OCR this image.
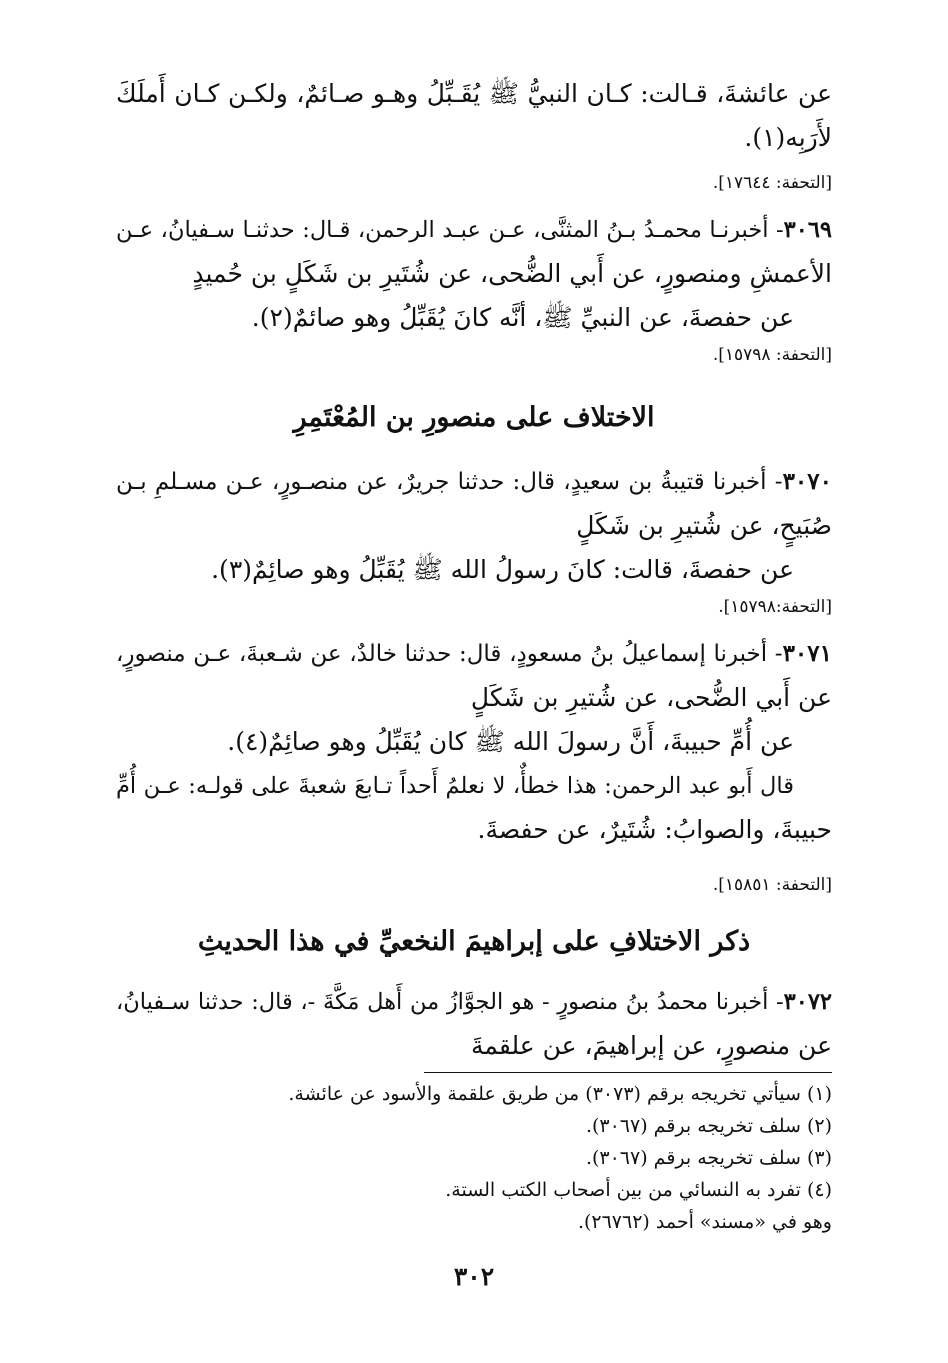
عن عائشةَ، قـالت: كـان النبيُّ ﷺ يُقَـبِّلُ وهـو صـائمٌ، ولكـن كـان أَملَكَ
لأَرَبِه(١).
[التحفة: ١٧٦٤٤].
٣٠٦٩- أخبرنـا محمـدُ بـنُ المثنَّى، عـن عبـد الرحمن، قـال: حدثنـا سـفيانُ، عـن
الأعمشِ ومنصورٍ، عن أَبي الضُّحى، عن شُتَيرِ بن شَكَلٍ بن حُميدٍ
عن حفصةَ، عن النبيِّ ﷺ، أنَّه كانَ يُقَبِّلُ وهو صائمٌ(٢).
[التحفة: ١٥٧٩٨].
الاختلاف على منصورِ بن المُعْتَمِرِ
٣٠٧٠- أخبرنا قتيبةُ بن سعيدٍ، قال: حدثنا جريرٌ، عن منصـورٍ، عـن مسـلمِ بـن
صُبَيحٍ، عن شُتيرِ بن شَكَلٍ
عن حفصةَ، قالت: كانَ رسولُ الله ﷺ يُقَبِّلُ وهو صائِمٌ(٣).
[التحفة:١٥٧٩٨].
٣٠٧١- أخبرنا إسماعيلُ بنُ مسعودٍ، قال: حدثنا خالدٌ، عن شـعبةَ، عـن منصورٍ،
عن أَبي الضُّحى، عن شُتيرِ بن شَكَلٍ
عن أُمِّ حبيبةَ، أَنَّ رسولَ الله ﷺ كان يُقَبِّلُ وهو صائِمٌ(٤).
قال أَبو عبد الرحمن: هذا خطأٌ، لا نعلمُ أَحداً تـابعَ شعبةَ على قولـه: عـن أُمِّ
حبيبةَ، والصوابُ: شُتَيرٌ، عن حفصةَ.
[التحفة: ١٥٨٥١].
ذكر الاختلافِ على إبراهيمَ النخعيِّ في هذا الحديثِ
٣٠٧٢- أخبرنا محمدُ بنُ منصورٍ - هو الجوَّازُ من أَهل مَكَّةَ -، قال: حدثنا سـفيانُ،
عن منصورٍ، عن إبراهيمَ، عن علقمةَ
(١) سيأتي تخريجه برقم (٣٠٧٣) من طريق علقمة والأسود عن عائشة.
(٢) سلف تخريجه برقم (٣٠٦٧).
(٣) سلف تخريجه برقم (٣٠٦٧).
(٤) تفرد به النسائي من بين أصحاب الكتب الستة.
وهو في «مسند» أحمد (٢٦٧٦٢).
٣٠٢
